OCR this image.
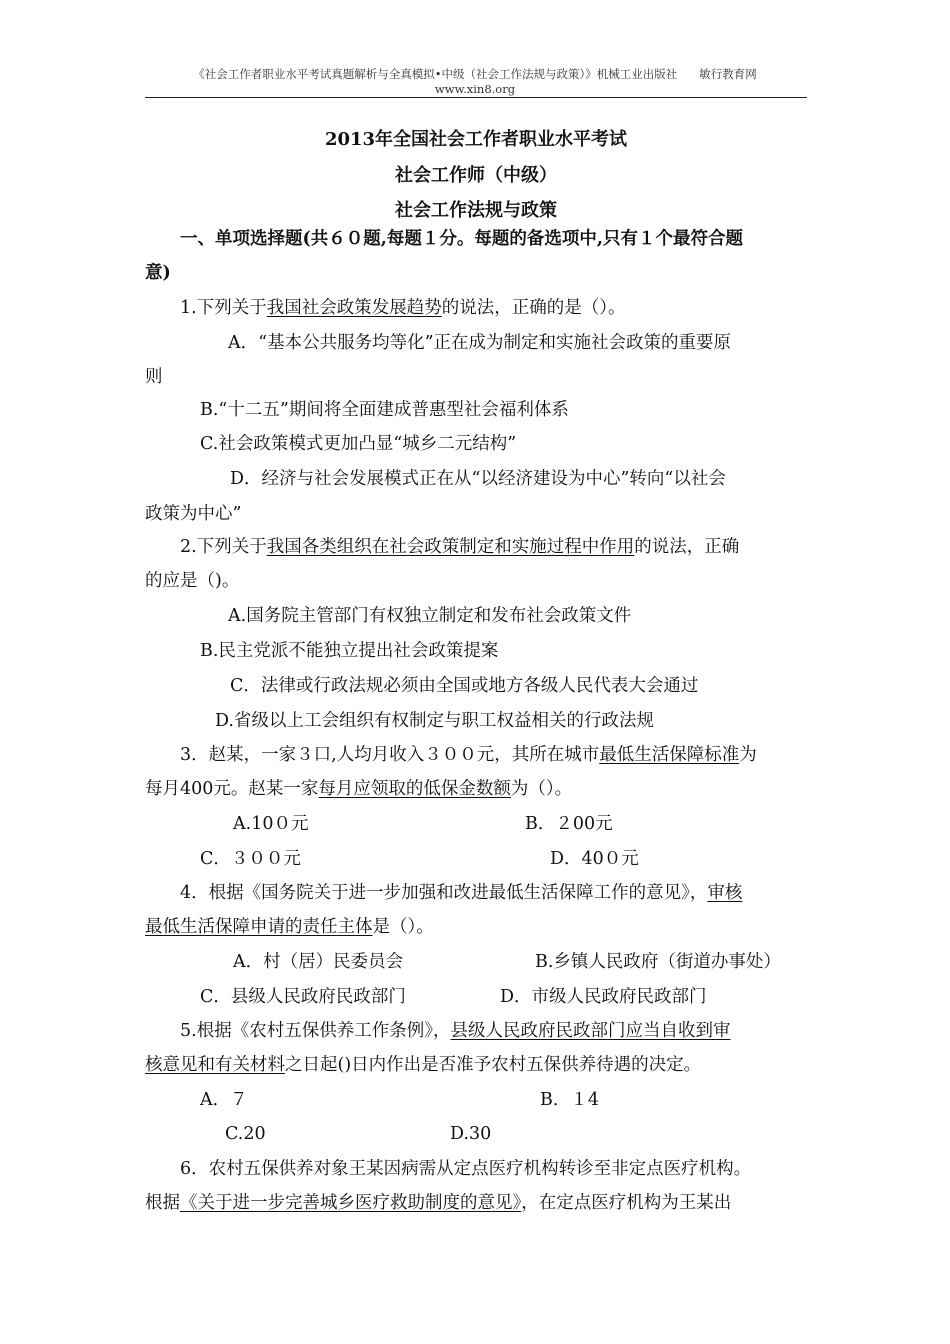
《社会工作者职业水平考试真题解析与全真模拟•中级（社会工作法规与政策）》机械工业出版社 敏行教育网
www.xin8.org
2013年全国社会工作者职业水平考试
社会工作师（中级）
社会工作法规与政策
一、单项选择题(共６０题,每题１分。每题的备选项中,只有１个最符合题
意)
1.下列关于我国社会政策发展趋势的说法，正确的是（）。
A．“基本公共服务均等化”正在成为制定和实施社会政策的重要原
则
B.“十二五”期间将全面建成普惠型社会福利体系
C.社会政策模式更加凸显“城乡二元结构”
D．经济与社会发展模式正在从“以经济建设为中心”转向“以社会
政策为中心”
2.下列关于我国各类组织在社会政策制定和实施过程中作用的说法，正确
的应是（)。
A.国务院主管部门有权独立制定和发布社会政策文件
B.民主党派不能独立提出社会政策提案
C．法律或行政法规必须由全国或地方各级人民代表大会通过
D.省级以上工会组织有权制定与职工权益相关的行政法规
3．赵某，一家３口,人均月收入３００元，其所在城市最低生活保障标准为
每月400元。赵某一家每月应领取的低保金数额为（）。
A.10０元	B．２00元
C．３００元	D．40０元
4．根据《国务院关于进一步加强和改进最低生活保障工作的意见》，审核
最低生活保障申请的责任主体是（）。
A．村（居）民委员会	B.乡镇人民政府（街道办事处）
C．县级人民政府民政部门	D．市级人民政府民政部门
5.根据《农村五保供养工作条例》，县级人民政府民政部门应当自收到审
核意见和有关材料之日起()日内作出是否准予农村五保供养待遇的决定。
A．７	B．１4
C.20	D.30
6．农村五保供养对象王某因病需从定点医疗机构转诊至非定点医疗机构。
根据《关于进一步完善城乡医疗救助制度的意见》，在定点医疗机构为王某出
